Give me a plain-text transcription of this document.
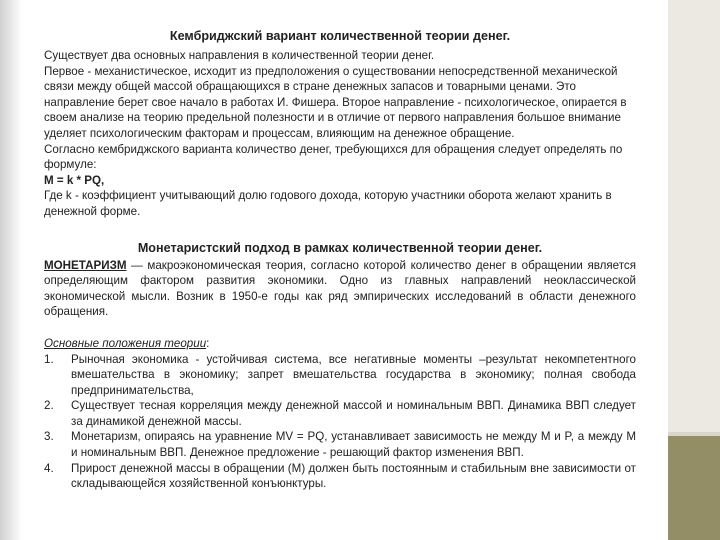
Кембриджский вариант количественной теории денег.

Существует два основных направления в количественной теории денег.

Первое - механистическое, исходит из предположения о существовании непосредственной механической связи между общей массой обращающихся в стране денежных запасов и товарными ценами. Это направление берет свое начало в работах И. Фишера. Второе направление - психологическое, опирается в своем анализе на теорию предельной полезности и в отличие от первого направления большое внимание уделяет психологическим факторам и процессам, влияющим на денежное обращение.

Согласно кембриджского варианта количество денег, требующихся для обращения следует определять по формуле:

M = k * PQ,

Где k - коэффициент учитывающий долю годового дохода, которую участники оборота желают хранить в денежной форме.

Монетаристский подход в рамках количественной теории денег.

МОНЕТАРИЗМ — макроэкономическая теория, согласно которой количество денег в обращении является определяющим фактором развития экономики. Одно из главных направлений неоклассической экономической мысли. Возник в 1950-е годы как ряд эмпирических исследований в области денежного обращения.

Основные положения теории:

1.	Рыночная экономика - устойчивая система, все негативные моменты –результат некомпетентного вмешательства в экономику; запрет вмешательства государства в экономику; полная свобода предпринимательства,
2.	Существует тесная корреляция между денежной массой и номинальным ВВП. Динамика ВВП следует за динамикой денежной массы.
3.	Монетаризм, опираясь на уравнение MV = PQ, устанавливает зависимость не между M и P, а между M и номинальным ВВП. Денежное предложение - решающий фактор изменения ВВП.
4.	Прирост денежной массы в обращении (M) должен быть постоянным и стабильным вне зависимости от складывающейся хозяйственной конъюнктуры.
